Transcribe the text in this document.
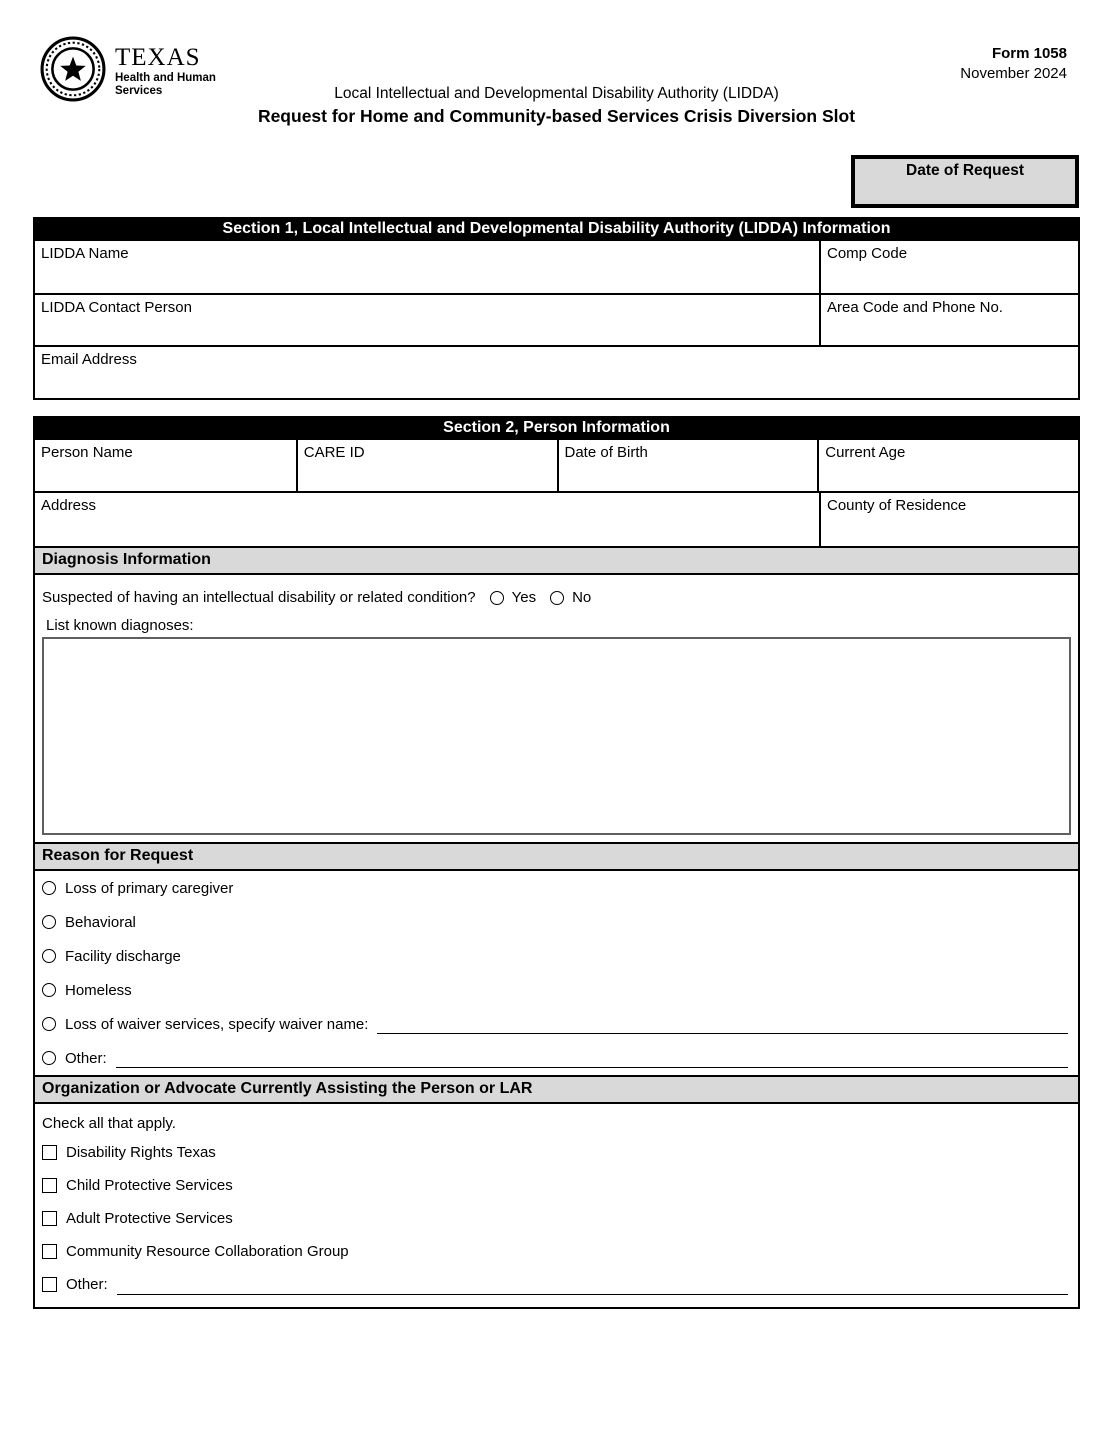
TEXAS
Health and Human
Services
Form 1058
November 2024
Local Intellectual and Developmental Disability Authority (LIDDA)
Request for Home and Community-based Services Crisis Diversion Slot
Date of Request
Section 1, Local Intellectual and Developmental Disability Authority (LIDDA) Information
LIDDA Name	Comp Code
LIDDA Contact Person	Area Code and Phone No.
Email Address
Section 2, Person Information
Person Name	CARE ID	Date of Birth	Current Age
Address	County of Residence
Diagnosis Information
Suspected of having an intellectual disability or related condition? Yes No
List known diagnoses:
Reason for Request
Loss of primary caregiver
Behavioral
Facility discharge
Homeless
Loss of waiver services, specify waiver name:
Other:
Organization or Advocate Currently Assisting the Person or LAR
Check all that apply.
Disability Rights Texas
Child Protective Services
Adult Protective Services
Community Resource Collaboration Group
Other:
